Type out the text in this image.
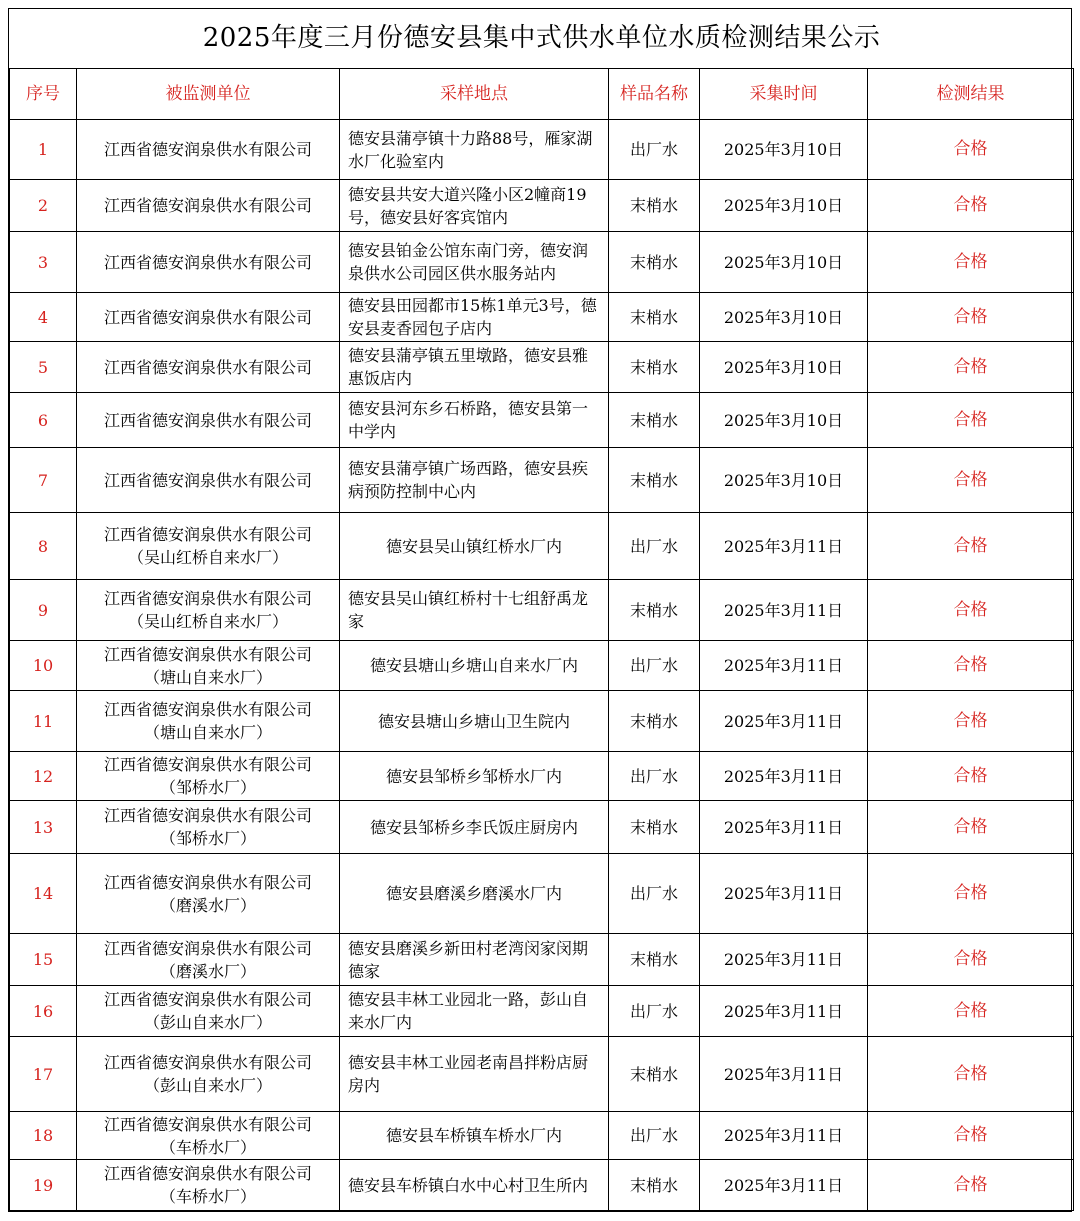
2025年度三月份德安县集中式供水单位水质检测结果公示					
序号	被监测单位	采样地点	样品名称	采集时间	检测结果
1	江西省德安润泉供水有限公司	德安县蒲亭镇十力路88号，雁家湖水厂化验室内	出厂水	2025年3月10日	合格
2	江西省德安润泉供水有限公司	德安县共安大道兴隆小区2幢商19号，德安县好客宾馆内	末梢水	2025年3月10日	合格
3	江西省德安润泉供水有限公司	德安县铂金公馆东南门旁，德安润泉供水公司园区供水服务站内	末梢水	2025年3月10日	合格
4	江西省德安润泉供水有限公司	德安县田园都市15栋1单元3号，德安县麦香园包子店内	末梢水	2025年3月10日	合格
5	江西省德安润泉供水有限公司	德安县蒲亭镇五里墩路，德安县雅惠饭店内	末梢水	2025年3月10日	合格
6	江西省德安润泉供水有限公司	德安县河东乡石桥路，德安县第一中学内	末梢水	2025年3月10日	合格
7	江西省德安润泉供水有限公司	德安县蒲亭镇广场西路，德安县疾病预防控制中心内	末梢水	2025年3月10日	合格
8	江西省德安润泉供水有限公司
（吴山红桥自来水厂）	德安县吴山镇红桥水厂内	出厂水	2025年3月11日	合格
9	江西省德安润泉供水有限公司
（吴山红桥自来水厂）	德安县吴山镇红桥村十七组舒禹龙家	末梢水	2025年3月11日	合格
10	江西省德安润泉供水有限公司
（塘山自来水厂）	德安县塘山乡塘山自来水厂内	出厂水	2025年3月11日	合格
11	江西省德安润泉供水有限公司
（塘山自来水厂）	德安县塘山乡塘山卫生院内	末梢水	2025年3月11日	合格
12	江西省德安润泉供水有限公司
（邹桥水厂）	德安县邹桥乡邹桥水厂内	出厂水	2025年3月11日	合格
13	江西省德安润泉供水有限公司
（邹桥水厂）	德安县邹桥乡李氏饭庄厨房内	末梢水	2025年3月11日	合格
14	江西省德安润泉供水有限公司
（磨溪水厂）	德安县磨溪乡磨溪水厂内	出厂水	2025年3月11日	合格
15	江西省德安润泉供水有限公司
（磨溪水厂）	德安县磨溪乡新田村老湾闵家闵期德家	末梢水	2025年3月11日	合格
16	江西省德安润泉供水有限公司
（彭山自来水厂）	德安县丰林工业园北一路，彭山自来水厂内	出厂水	2025年3月11日	合格
17	江西省德安润泉供水有限公司
（彭山自来水厂）	德安县丰林工业园老南昌拌粉店厨房内	末梢水	2025年3月11日	合格
18	江西省德安润泉供水有限公司
（车桥水厂）	德安县车桥镇车桥水厂内	出厂水	2025年3月11日	合格
19	江西省德安润泉供水有限公司
（车桥水厂）	德安县车桥镇白水中心村卫生所内	末梢水	2025年3月11日	合格
